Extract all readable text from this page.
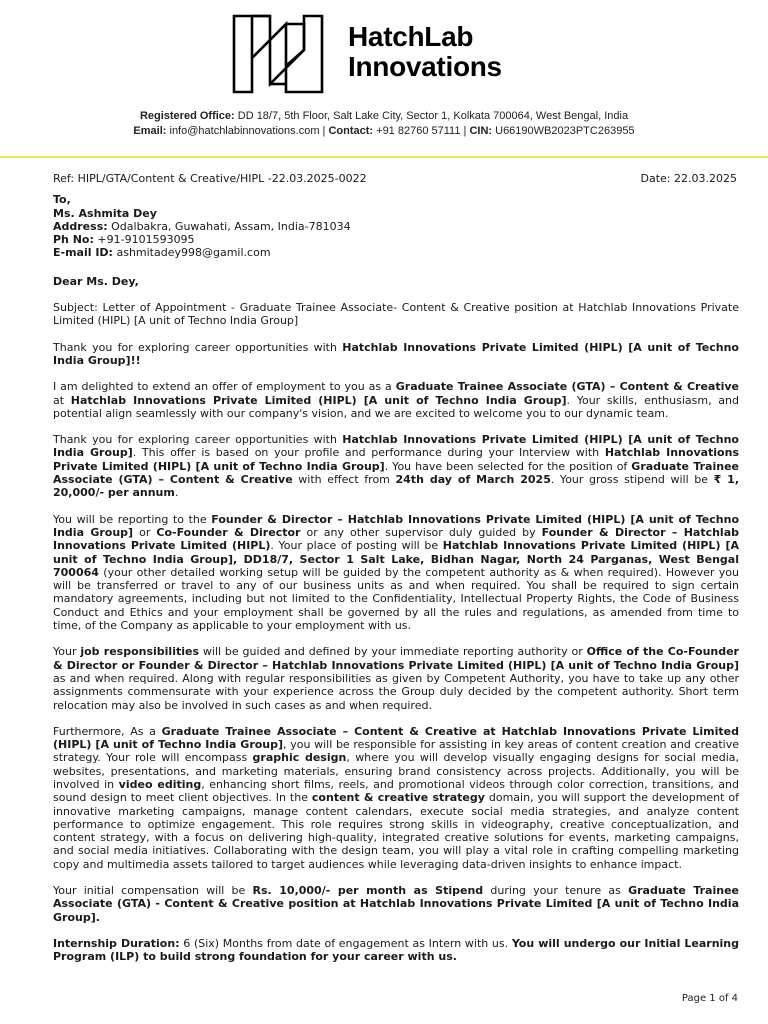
HatchLab
Innovations
Registered Office: DD 18/7, 5th Floor, Salt Lake City, Sector 1, Kolkata 700064, West Bengal, India
Email: info@hatchlabinnovations.com | Contact: +91 82760 57111 | CIN: U66190WB2023PTC263955
Ref: HIPL/GTA/Content & Creative/HIPL -22.03.2025-0022	Date: 22.03.2025
To,
Ms. Ashmita Dey
Address: Odalbakra, Guwahati, Assam, India-781034
Ph No: +91-9101593095
E-mail ID: ashmitadey998@gamil.com

Dear Ms. Dey,

Subject: Letter of Appointment - Graduate Trainee Associate- Content & Creative position at Hatchlab Innovations Private Limited (HIPL) [A unit of Techno India Group]

Thank you for exploring career opportunities with Hatchlab Innovations Private Limited (HIPL) [A unit of Techno India Group]!!

I am delighted to extend an offer of employment to you as a Graduate Trainee Associate (GTA) – Content & Creative at Hatchlab Innovations Private Limited (HIPL) [A unit of Techno India Group]. Your skills, enthusiasm, and potential align seamlessly with our company's vision, and we are excited to welcome you to our dynamic team.

Thank you for exploring career opportunities with Hatchlab Innovations Private Limited (HIPL) [A unit of Techno India Group]. This offer is based on your profile and performance during your Interview with Hatchlab Innovations Private Limited (HIPL) [A unit of Techno India Group]. You have been selected for the position of Graduate Trainee Associate (GTA) – Content & Creative with effect from 24th day of March 2025. Your gross stipend will be ₹ 1, 20,000/- per annum.

You will be reporting to the Founder & Director – Hatchlab Innovations Private Limited (HIPL) [A unit of Techno India Group] or Co-Founder & Director or any other supervisor duly guided by Founder & Director – Hatchlab Innovations Private Limited (HIPL). Your place of posting will be Hatchlab Innovations Private Limited (HIPL) [A unit of Techno India Group], DD18/7, Sector 1 Salt Lake, Bidhan Nagar, North 24 Parganas, West Bengal 700064 (your other detailed working setup will be guided by the competent authority as & when required). However you will be transferred or travel to any of our business units as and when required. You shall be required to sign certain mandatory agreements, including but not limited to the Confidentiality, Intellectual Property Rights, the Code of Business Conduct and Ethics and your employment shall be governed by all the rules and regulations, as amended from time to time, of the Company as applicable to your employment with us.

Your job responsibilities will be guided and defined by your immediate reporting authority or Office of the Co-Founder & Director or Founder & Director – Hatchlab Innovations Private Limited (HIPL) [A unit of Techno India Group] as and when required. Along with regular responsibilities as given by Competent Authority, you have to take up any other assignments commensurate with your experience across the Group duly decided by the competent authority. Short term relocation may also be involved in such cases as and when required.

Furthermore, As a Graduate Trainee Associate – Content & Creative at Hatchlab Innovations Private Limited (HIPL) [A unit of Techno India Group], you will be responsible for assisting in key areas of content creation and creative strategy. Your role will encompass graphic design, where you will develop visually engaging designs for social media, websites, presentations, and marketing materials, ensuring brand consistency across projects. Additionally, you will be involved in video editing, enhancing short films, reels, and promotional videos through color correction, transitions, and sound design to meet client objectives. In the content & creative strategy domain, you will support the development of innovative marketing campaigns, manage content calendars, execute social media strategies, and analyze content performance to optimize engagement. This role requires strong skills in videography, creative conceptualization, and content strategy, with a focus on delivering high-quality, integrated creative solutions for events, marketing campaigns, and social media initiatives. Collaborating with the design team, you will play a vital role in crafting compelling marketing copy and multimedia assets tailored to target audiences while leveraging data-driven insights to enhance impact.

Your initial compensation will be Rs. 10,000/- per month as Stipend during your tenure as Graduate Trainee Associate (GTA) - Content & Creative position at Hatchlab Innovations Private Limited [A unit of Techno India Group].

Internship Duration: 6 (Six) Months from date of engagement as Intern with us. You will undergo our Initial Learning Program (ILP) to build strong foundation for your career with us.

Page 1 of 4
